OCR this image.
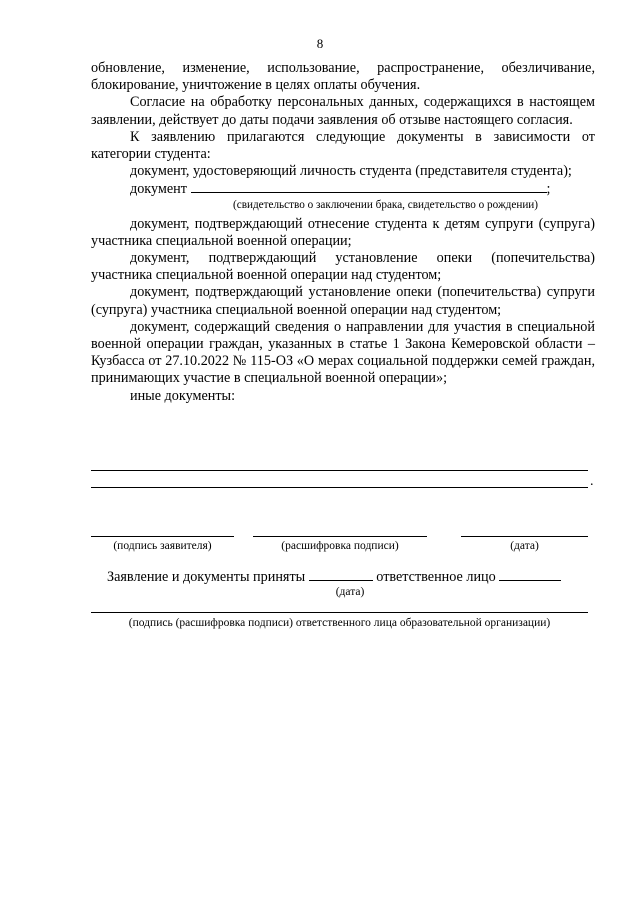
8

обновление, изменение, использование, распространение, обезличивание, блокирование, уничтожение в целях оплаты обучения.

Согласие на обработку персональных данных, содержащихся в настоящем заявлении, действует до даты подачи заявления об отзыве настоящего согласия.

К заявлению прилагаются следующие документы в зависимости от категории студента:

документ, удостоверяющий личность студента (представителя студента);

документ	;
(свидетельство о заключении брака, свидетельство о рождении)

документ, подтверждающий отнесение студента к детям супруги (супруга) участника специальной военной операции;

документ, подтверждающий установление опеки (попечительства) участника специальной военной операции над студентом;

документ, подтверждающий установление опеки (попечительства) супруги (супруга) участника специальной военной операции над студентом;

документ, содержащий сведения о направлении для участия в специальной военной операции граждан, указанных в статье 1 Закона Кемеровской области – Кузбасса от 27.10.2022 № 115-ОЗ «О мерах социальной поддержки семей граждан, принимающих участие в специальной военной операции»;

иные документы:

.
(подпись заявителя)	(расшифровка подписи)	(дата)
Заявление и документы приняты	ответственное лицо
(дата)
(подпись (расшифровка подписи) ответственного лица образовательной организации)
